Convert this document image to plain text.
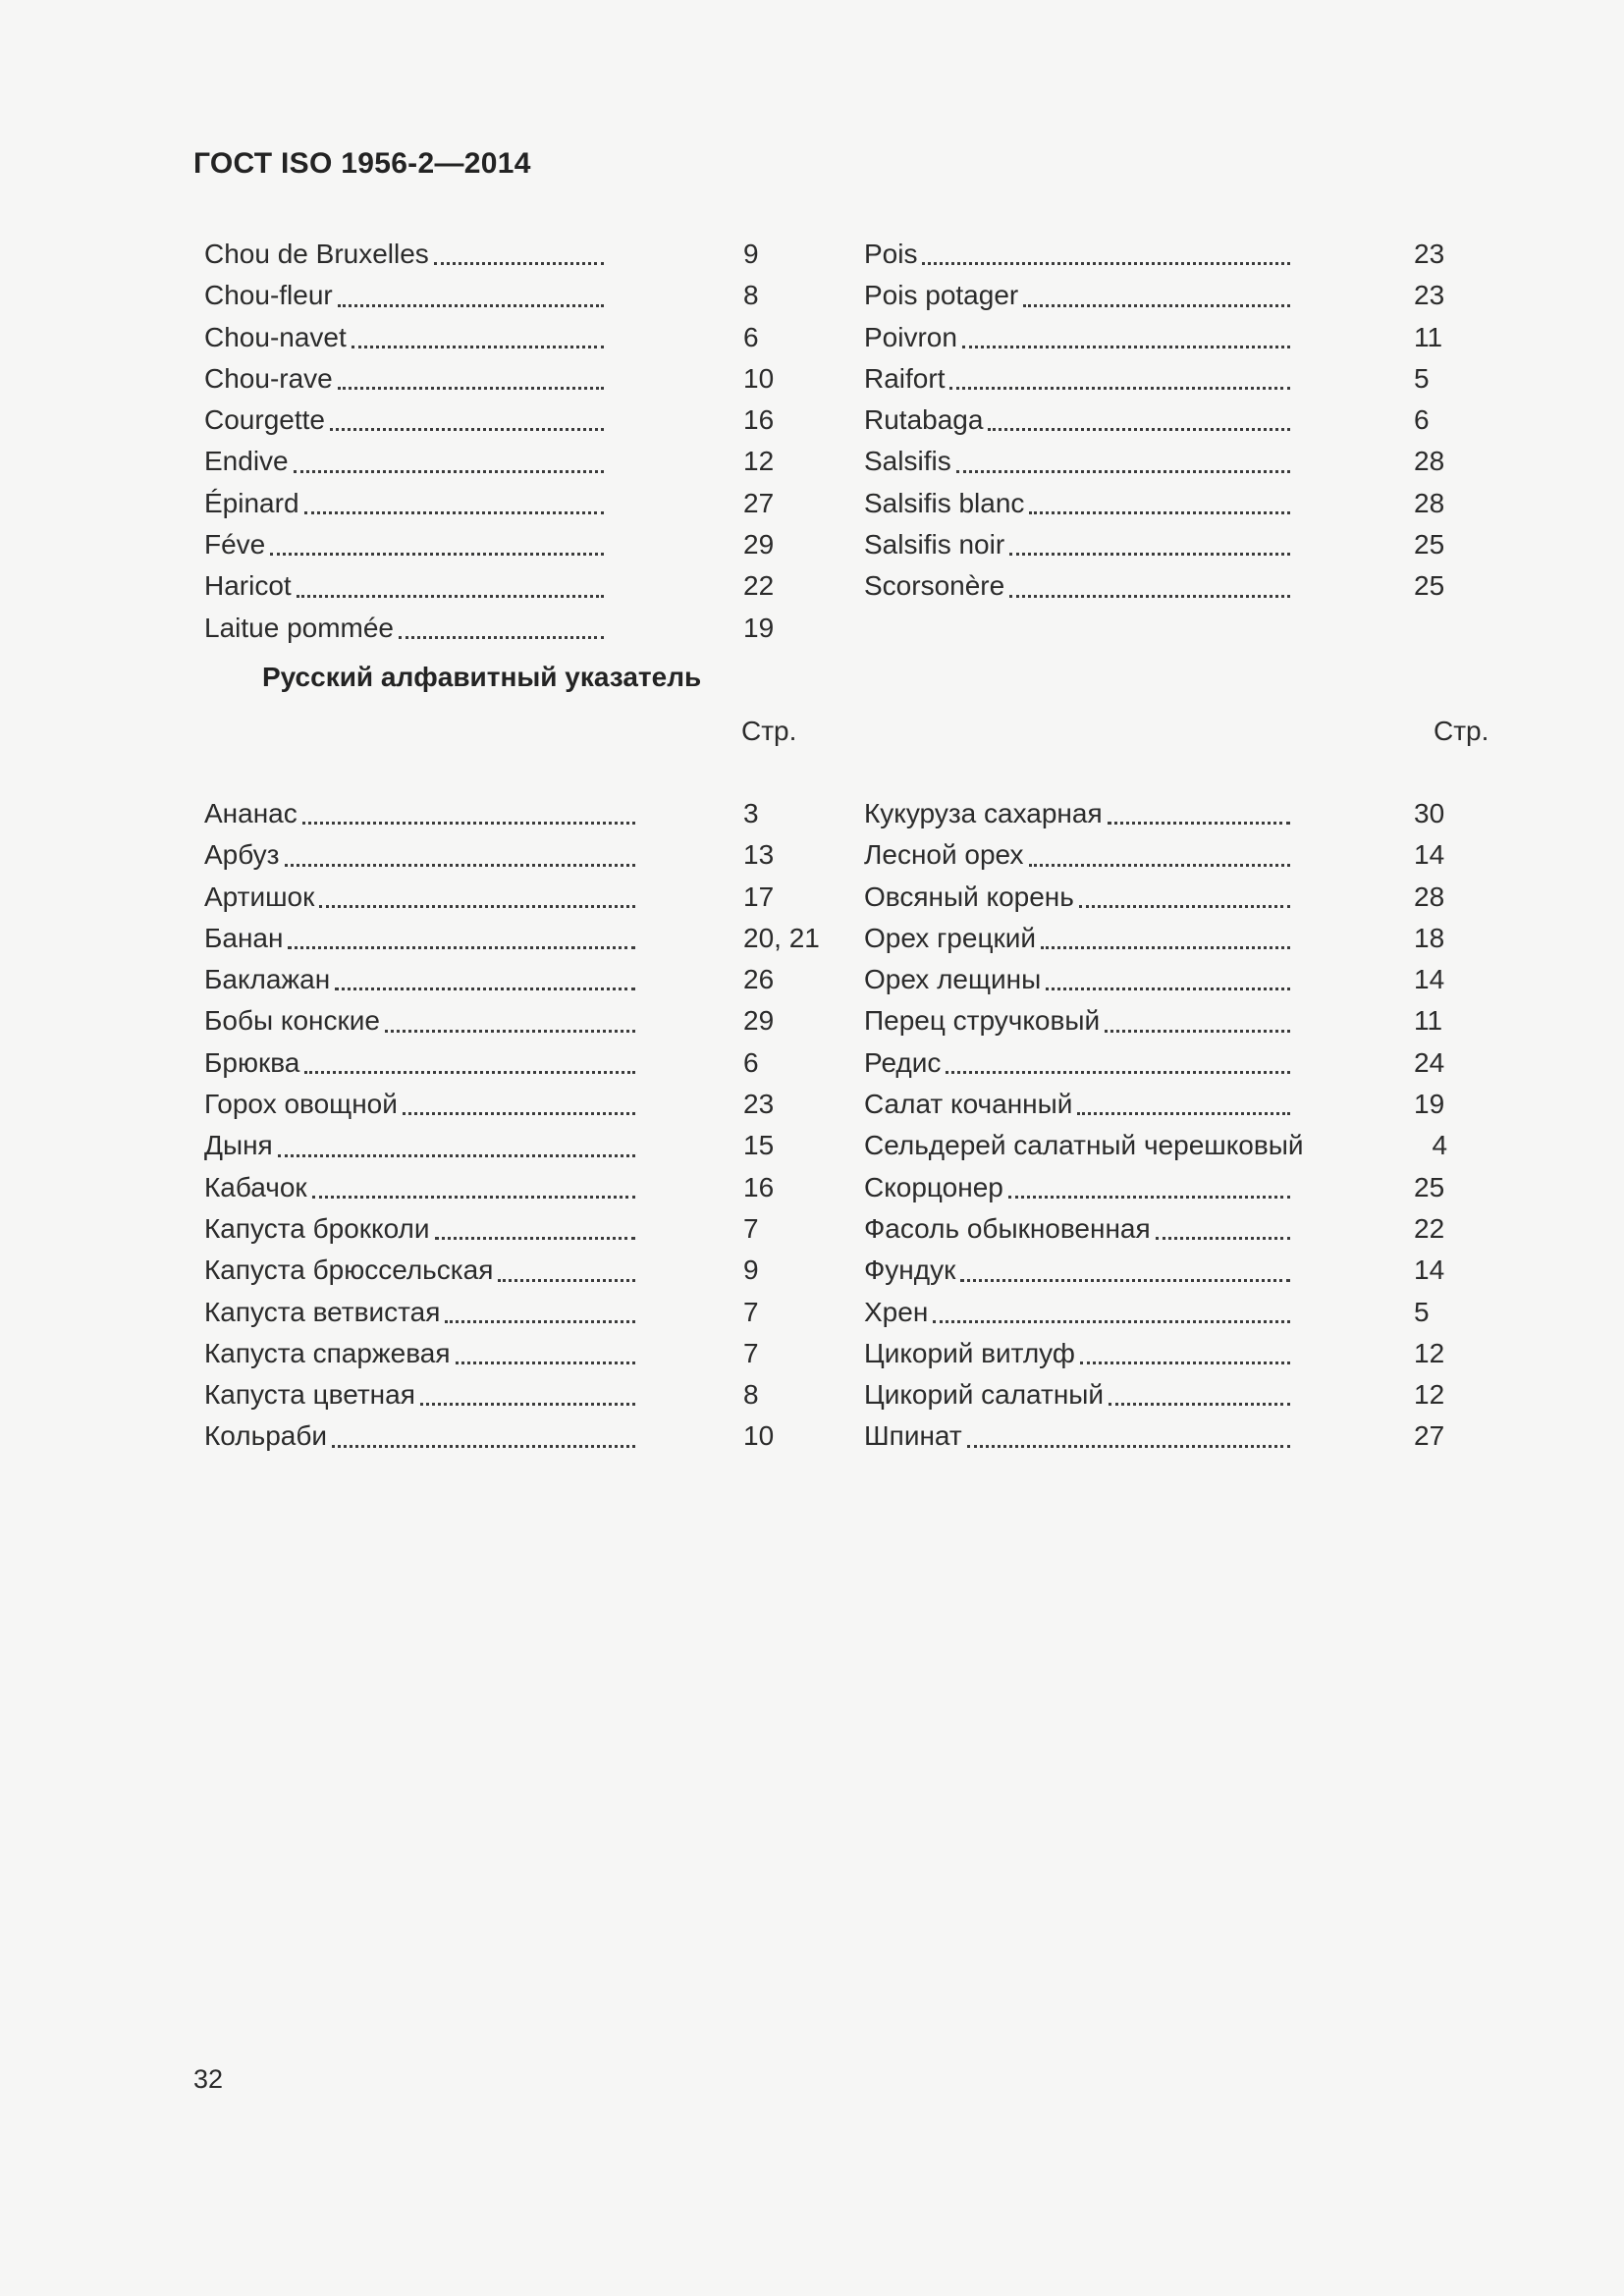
ГОСТ ISO 1956-2—2014
Chou de Bruxelles	9
Chou-fleur	8
Chou-navet	6
Chou-rave	10
Courgette	16
Endive	12
Épinard	27
Féve	29
Haricot	22
Laitue pommée	19
Pois	23
Pois potager	23
Poivron	11
Raifort	5
Rutabaga	6
Salsifis	28
Salsifis blanc	28
Salsifis noir	25
Scorsonère	25
Русский алфавитный указатель
Стр.	Стр.
Ананас	3
Арбуз	13
Артишок	17
Банан	20, 21
Баклажан	26
Бобы конские	29
Брюква	6
Горох овощной	23
Дыня	15
Кабачок	16
Капуста брокколи	7
Капуста брюссельская	9
Капуста ветвистая	7
Капуста спаржевая	7
Капуста цветная	8
Кольраби	10
Кукуруза сахарная	30
Лесной орех	14
Овсяный корень	28
Орех грецкий	18
Орех лещины	14
Перец стручковый	11
Редис	24
Салат кочанный	19
Сельдерей салатный черешковый	4
Скорцонер	25
Фасоль обыкновенная	22
Фундук	14
Хрен	5
Цикорий витлуф	12
Цикорий салатный	12
Шпинат	27
32
